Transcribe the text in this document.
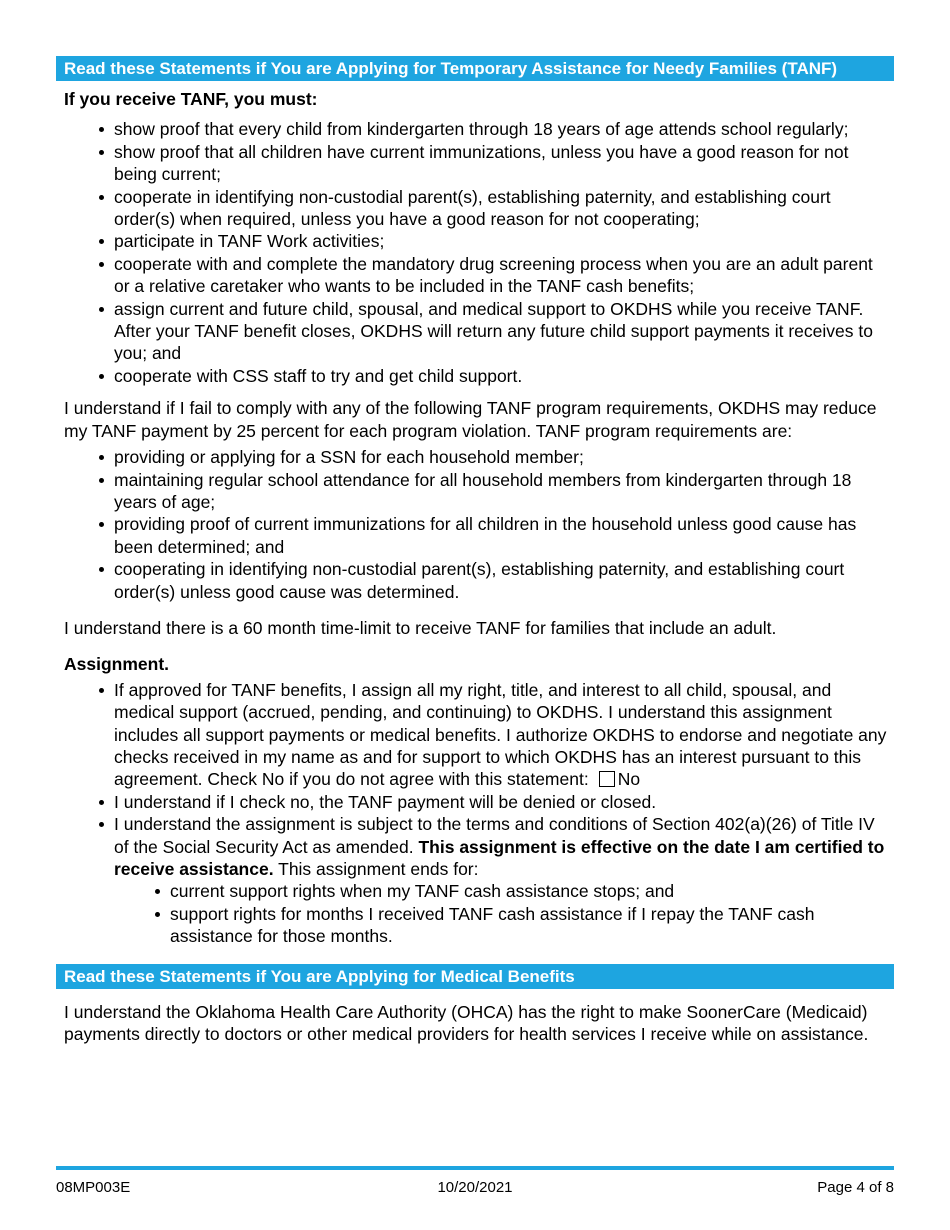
Read these Statements if You are Applying for Temporary Assistance for Needy Families (TANF)
If you receive TANF, you must:
show proof that every child from kindergarten through 18 years of age attends school regularly;
show proof that all children have current immunizations, unless you have a good reason for not being current;
cooperate in identifying non-custodial parent(s), establishing paternity, and establishing court order(s) when required, unless you have a good reason for not cooperating;
participate in TANF Work activities;
cooperate with and complete the mandatory drug screening process when you are an adult parent or a relative caretaker who wants to be included in the TANF cash benefits;
assign current and future child, spousal, and medical support to OKDHS while you receive TANF. After your TANF benefit closes, OKDHS will return any future child support payments it receives to you; and
cooperate with CSS staff to try and get child support.
I understand if I fail to comply with any of the following TANF program requirements, OKDHS may reduce my TANF payment by 25 percent for each program violation. TANF program requirements are:
providing or applying for a SSN for each household member;
maintaining regular school attendance for all household members from kindergarten through 18 years of age;
providing proof of current immunizations for all children in the household unless good cause has been determined; and
cooperating in identifying non-custodial parent(s), establishing paternity, and establishing court order(s) unless good cause was determined.
I understand there is a 60 month time-limit to receive TANF for families that include an adult.
Assignment.
If approved for TANF benefits, I assign all my right, title, and interest to all child, spousal, and medical support (accrued, pending, and continuing) to OKDHS. I understand this assignment includes all support payments or medical benefits. I authorize OKDHS to endorse and negotiate any checks received in my name as and for support to which OKDHS has an interest pursuant to this agreement. Check No if you do not agree with this statement: No
I understand if I check no, the TANF payment will be denied or closed.
I understand the assignment is subject to the terms and conditions of Section 402(a)(26) of Title IV of the Social Security Act as amended. This assignment is effective on the date I am certified to receive assistance. This assignment ends for:
current support rights when my TANF cash assistance stops; and
support rights for months I received TANF cash assistance if I repay the TANF cash assistance for those months.
Read these Statements if You are Applying for Medical Benefits
I understand the Oklahoma Health Care Authority (OHCA) has the right to make SoonerCare (Medicaid) payments directly to doctors or other medical providers for health services I receive while on assistance.
08MP003E	10/20/2021	Page 4 of 8
